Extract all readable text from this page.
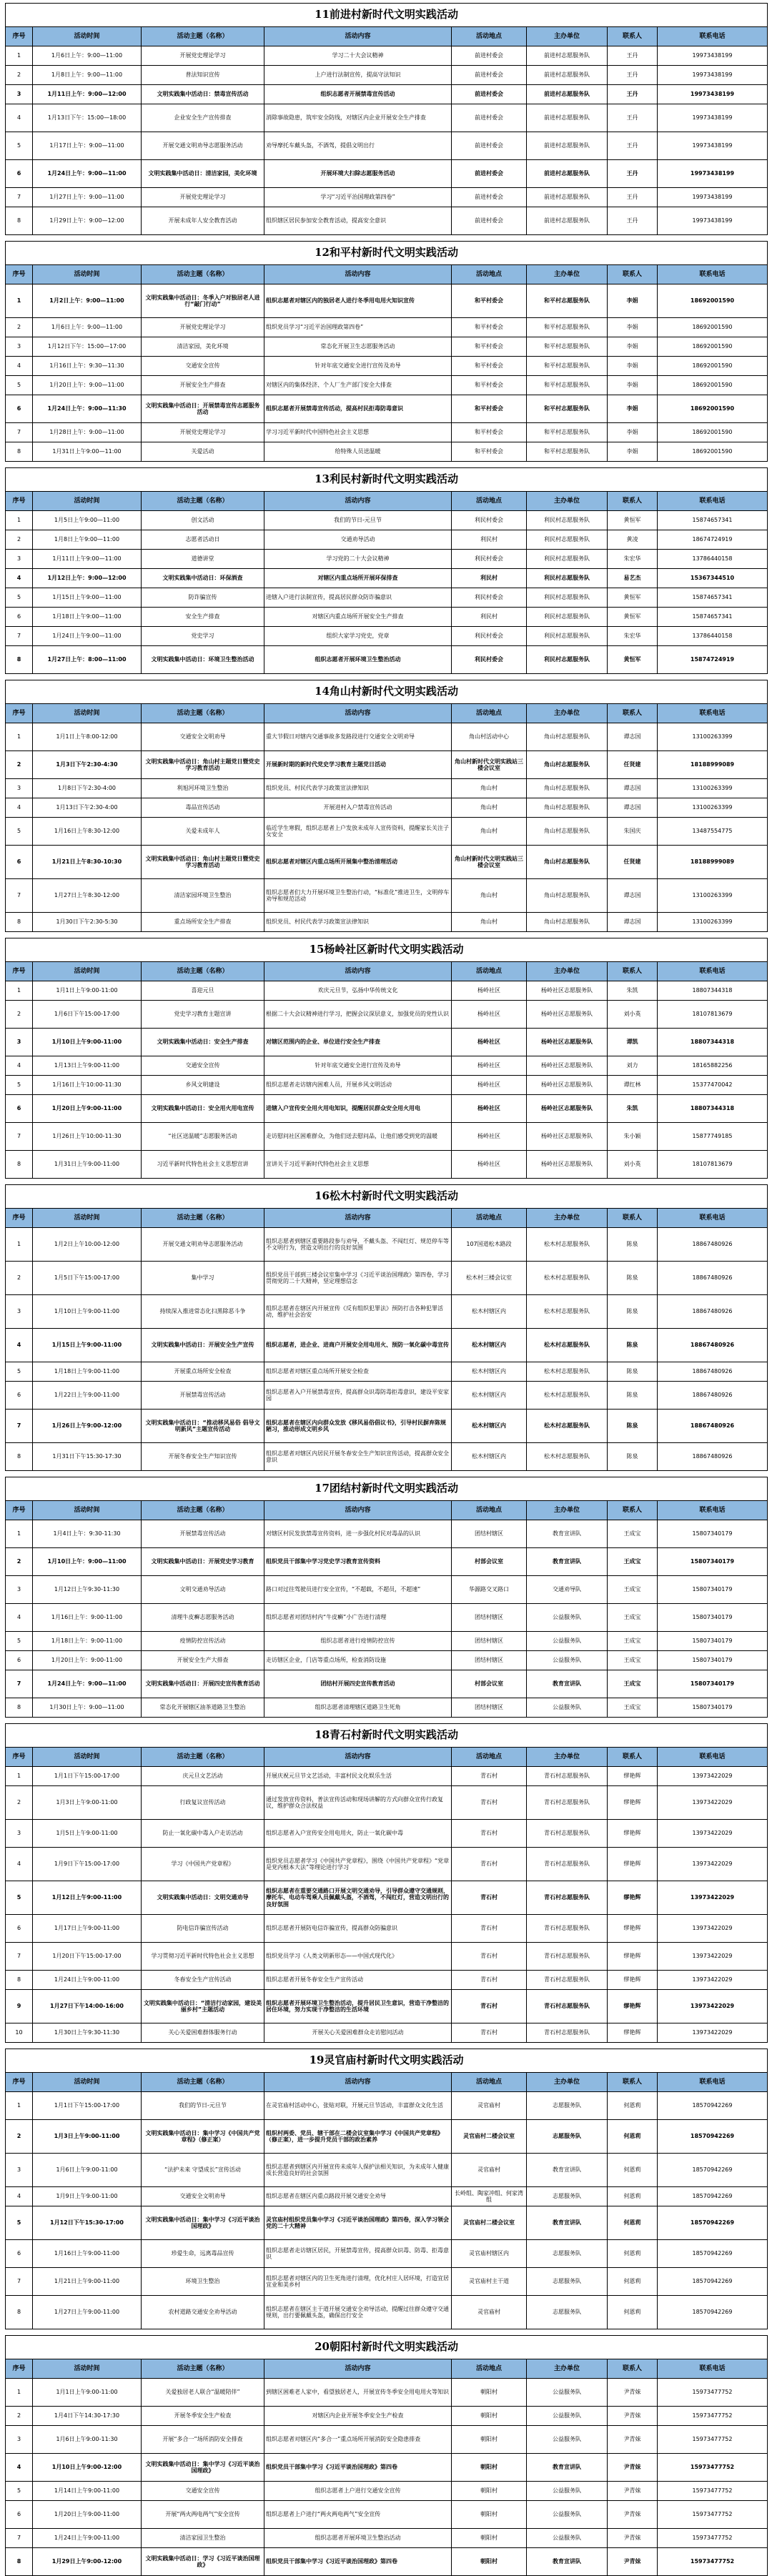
11前进村新时代文明实践活动							
序号	活动时间	活动主题（名称）	活动内容	活动地点	主办单位	联系人	联系电话
1	1月6日上午：9:00—11:00	开展党史理论学习	学习二十大会议精神	前进村委会	前进村志愿服务队	王丹	19973438199
2	1月8日上午：9:00—11:00	普法知识宣传	上户进行法制宣传，提高守法知识	前进村委会	前进村志愿服务队	王丹	19973438199
3	1月11日上午：9:00—12:00	文明实践集中活动日：禁毒宣传活动	组织志愿者开展禁毒宣传活动	前进村委会	前进村志愿服务队	王丹	19973438199
4	1月13日下午：15:00—18:00	企业安全生产宣传排查	消除事故隐患，筑牢安全防线，对辖区内企业开展安全生产排查	前进村委会	前进村志愿服务队	王丹	19973438199
5	1月17日上午：9:00—11:00	开展交通文明劝导志愿服务活动	劝导摩托车戴头盔，不酒驾，提倡文明出行	前进村委会	前进村志愿服务队	王丹	19973438199
6	1月24日上午：9:00—11:00	文明实践集中活动日：清洁家园，美化环境	开展环境大扫除志愿服务活动	前进村委会	前进村志愿服务队	王丹	19973438199
7	1月27日上午：9:00—11:00	开展党史理论学习	学习“习近平治国理政第四卷”	前进村委会	前进村志愿服务队	王丹	19973438199
8	1月29日上午：9:00—12:00	开展未成年人安全教育活动	组织辖区居民参加安全教育活动，提高安全意识	前进村委会	前进村志愿服务队	王丹	19973438199

12和平村新时代文明实践活动							
序号	活动时间	活动主题（名称）	活动内容	活动地点	主办单位	联系人	联系电话
1	1月2日上午：9:00—11:00	文明实践集中活动日：冬季入户对独居老人进行“敲门行动”	组织志愿者对辖区内的独居老人进行冬季用电用火知识宣传	和平村委会	和平村志愿服务队	李娟	18692001590
2	1月6日上午：9:00—11:00	开展党史理论学习	组织党员学习“习近平治国理政第四卷”	和平村委会	和平村志愿服务队	李娟	18692001590
3	1月12日下午：15:00—17:00	清洁家园，美化环境	常态化开展卫生志愿服务活动	和平村委会	和平村志愿服务队	李娟	18692001590
4	1月16日上午：9:30—11:30	交通安全宣传	针对年底交通安全进行宣传及劝导	和平村委会	和平村志愿服务队	李娟	18692001590
5	1月20日上午：9:00—11:00	开展安全生产排查	对辖区内的集体经济、个人厂生产部门安全大排查	和平村委会	和平村志愿服务队	李娟	18692001590
6	1月24日上午：9:00—11:30	文明实践集中活动日：开展禁毒宣传志愿服务活动	组织志愿者开展禁毒宣传活动，提高村民拒毒防毒意识	和平村委会	和平村志愿服务队	李娟	18692001590
7	1月28日上午：9:00—11:00	开展党史理论学习	学习习近平新时代中国特色社会主义思想	和平村委会	和平村志愿服务队	李娟	18692001590
8	1月31日上午9:00—11:00	关爱活动	给特殊人员送温暖	和平村委会	和平村志愿服务队	李娟	18692001590

13利民村新时代文明实践活动							
序号	活动时间	活动主题（名称）	活动内容	活动地点	主办单位	联系人	联系电话
1	1月5日上午9:00—11:00	创文活动	我们的节日-元旦节	利民村委会	利民村志愿服务队	黄恒军	15874657341
2	1月8日上午9:00—11:00	志愿者活动日	交通劝导活动	利民村	利民村志愿服务队	黄凌	18674724919
3	1月11日上午9:00—11:00	道德讲堂	学习党的二十大会议精神	利民村委会	利民村志愿服务队	朱宏华	13786440158
4	1月12日上午：9:00—12:00	文明实践集中活动日：环保酒查	对辖区内重点场所开展环保排查	利民村	利民村志愿服务队	易艺杰	15367344510
5	1月15日上午9:00—11:00	防诈骗宣传	进辖入户进行法制宣传，提高居民群众防诈骗意识	利民村委会	利民村志愿服务队	黄恒军	15874657341
6	1月18日上午9:00—11:00	安全生产排查	对辖区内重点场所开展安全生产排查	利民村	利民村志愿服务队	黄恒军	15874657341
7	1月24日上午9:00—11:00	党史学习	组织大家学习党史，党章	利民村委会	利民村志愿服务队	朱宏华	13786440158
8	1月27日上午：8:00—11:00	文明实践集中活动日：环境卫生整治活动	组织志愿者开展环境卫生整治活动	利民村委会	利民村志愿服务队	黄恒军	15874724919

14角山村新时代文明实践活动							
序号	活动时间	活动主题（名称）	活动内容	活动地点	主办单位	联系人	联系电话
1	1月1日上午8:00-12:00	交通安全文明劝导	重大节假日对辖内交通事故多发路段进行交通安全文明劝导	角山村活动中心	角山村志愿服务队	谭志国	13100263399
2	1月3日下午2:30-4:30	文明实践集中活动日：角山村主题党日暨党史学习教育活动	开展新时期的新时代党史学习教育主题党日活动	角山村新时代文明实践站三楼会议室	角山村志愿服务队	任贤建	18188999089
3	1月8日下午2:30-4:00	利旭河环境卫生整治	组织党员、村民代表学习政策宣法律知识	角山村	角山村志愿服务队	谭志国	13100263399
4	1月13日下午2:30-4:00	毒品宣传活动	开展进村入户禁毒宣传活动	角山村	角山村志愿服务队	谭志国	13100263399
5	1月16日上午8:30-12:00	关爱未成年人	临近学生寒假，组织志愿者上户发放未成年人宣传资料，提醒家长关注子女安全	角山村	角山村志愿服务队	朱国庆	13487554775
6	1月21日上午8:30-10:30	文明实践集中活动日：角山村主题党日暨党史学习教育活动	组织志愿者对辖区内重点场所开展集中整治清理活动	角山村新时代文明实践站三楼会议室	角山村志愿服务队	任贤建	18188999089
7	1月27日上午8:30-12:00	清洁家园环境卫生整治	组织志愿者们大力开展环境卫生整治行动，“标准化”推进卫生，文明停车劝导和规范活动	角山村	角山村志愿服务队	谭志国	13100263399
8	1月30日下午2:30-5:30	重点场所安全生产排查	组织党员、村民代表学习政策宣法律知识	角山村	角山村志愿服务队	谭志国	13100263399

15杨岭社区新时代文明实践活动							
序号	活动时间	活动主题（名称）	活动内容	活动地点	主办单位	联系人	联系电话
1	1月1日上午9:00-11:00	喜迎元旦	欢庆元旦节，弘扬中华传统文化	杨岭社区	杨岭社区志愿服务队	朱凯	18807344318
2	1月6日下午15:00-17:00	党史学习教育主题宣讲	根据二十大会议精神进行学习，把握会议深层意义，加强党员的党性认识	杨岭社区	杨岭社区志愿服务队	刘小英	18107813679
3	1月10日上午9:00-11:00	文明实践集中活动日：安全生产排查	对辖区范围内的企业、单位进行安全生产排查	杨岭社区	杨岭社区志愿服务队	谭凯	18807344318
4	1月13日上午9:00-11:00	交通安全宣传	针对年底交通安全进行宣传及劝导	杨岭社区	杨岭社区志愿服务队	刘力	18165882256
5	1月16日上午10:00-11:30	乡风文明建设	组织志愿者走访辖内困难人员，开展乡风文明活动	杨岭社区	杨岭社区志愿服务队	谭红林	15377470042
6	1月20日上午9:00-11:00	文明实践集中活动日：安全用火用电宣传	进辖入户宣传安全用火用电知识，提醒居民群众安全用火用电	杨岭社区	杨岭社区志愿服务队	朱凯	18807344318
7	1月26日上午10:00-11:30	“社区送温暖”志愿服务活动	走访慰问社区困难群众，为他们送去慰问品，让他们感受到党的温暖	杨岭社区	杨岭社区志愿服务队	朱小颖	15877749185
8	1月31日上午9:00-11:00	习近平新时代特色社会主义思想宣讲	宣讲关于习近平新时代特色社会主义思想	杨岭社区	杨岭社区志愿服务队	刘小英	18107813679

16松木村新时代文明实践活动							
序号	活动时间	活动主题（名称）	活动内容	活动地点	主办单位	联系人	联系电话
1	1月2日上午10:00-12:00	开展交通文明劝导志愿服务活动	组织志愿者到辖区重要路段参与劝导，不戴头盔、不闯红灯、规范停车等不文明行为，营造文明出行的良好氛围	107国道松木路段	松木村志愿服务队	陈泉	18867480926
2	1月5日下午15:00-17:00	集中学习	组织党员干部到三楼会议室集中学习《习近平谈治国理政》第四卷，学习贯彻党的二十大精神，坚定理想信念	松木村三楼会议室	松木村志愿服务队	陈泉	18867480926
3	1月10日上午9:00-11:00	持续深入推进常态化扫黑除恶斗争	组织志愿者在辖区内开展宣传《反有组织犯罪法》预防打击各种犯罪活动，维护社会治安	松木村辖区内	松木村志愿服务队	陈泉	18867480926
4	1月15日上午9:00-11:00	文明实践集中活动日：开展安全生产宣传	组织志愿者，进企业、进商户开展安全用电用火、预防一氧化碳中毒宣传	松木村辖区内	松木村志愿服务队	陈泉	18867480926
5	1月18日上午9:00-11:00	开展重点场所安全检查	组织志愿者对辖区重点场所开展安全检查	松木村辖区内	松木村志愿服务队	陈泉	18867480926
6	1月22日上午9:00-11:00	开展禁毒宣传活动	组织志愿者入户开展禁毒宣传，提高群众识毒防毒拒毒意识，建设平安家园	松木村辖区内	松木村志愿服务队	陈泉	18867480926
7	1月26日上午9:00-12:00	文明实践集中活动日：“推动移风易俗 倡导文明新风”主题宣传活动	组织志愿者在辖区内向群众发放《移风易俗倡议书》，引导村民摒弃陈规陋习，推动形成文明乡风	松木村辖区内	松木村志愿服务队	陈泉	18867480926
8	1月31日下午15:30-17:30	开展冬春安全生产知识宣传	组织志愿者对辖区内居民开展冬春安全生产知识宣传活动，提高群众安全意识	松木村辖区内	松木村志愿服务队	陈泉	18867480926

17团结村新时代文明实践活动							
序号	活动时间	活动主题（名称）	活动内容	活动地点	主办单位	联系人	联系电话
1	1月4日上午：9:30-11:30	开展禁毒宣传活动	对辖区村民发放禁毒宣传资料，进一步强化村民对毒品的认识	团结村辖区	教育宣讲队	王成宝	15807340179
2	1月10日上午：9:00—11:00	文明实践集中活动日：开展党史学习教育	组织党员干部集中学习党史学习教育宣传资料	村部会议室	教育宣讲队	王成宝	15807340179
3	1月12日上午9:30-11:30	文明交通劝导活动	路口对过往驾驶员进行安全宣传，“不超载，不超员，不超速”	华源路交叉路口	交通劝导队	王成宝	15807340179
4	1月16日上午：9:00-11:00	清理牛皮癣志愿服务活动	组织志愿者对团结村内“牛皮癣”小广告进行清理	团结村辖区	公益服务队	王成宝	15807340179
5	1月18日上午：9:00-11:00	疫情防控宣传活动	组织志愿者进行疫情防控宣传	团结村辖区	公益服务队	王成宝	15807340179
6	1月20日上午：9:00-11:00	开展安全生产大排查	走访辖区企业，门店等重点场所，检查消防设施	团结村辖区	公益服务队	王成宝	15807340179
7	1月24日上午：9:00—11:00	文明实践集中活动日：开展四史宣传教育活动	团结村开展四史宣传教育活动	村部会议室	教育宣讲队	王成宝	15807340179
8	1月30日上午：9:00—11:00	常态化开展辖区油茶道路卫生整治	组织志愿者清理辖区道路卫生死角	团结村辖区	公益服务队	王成宝	15807340179

18青石村新时代文明实践活动							
序号	活动时间	活动主题（名称）	活动内容	活动地点	主办单位	联系人	联系电话
1	1月1日下午15:00-17:00	庆元旦文艺活动	开展庆祝元旦节文艺活动，丰富村民文化娱乐生活	青石村	青石村志愿服务队	缪艳辉	13973422029
2	1月3日上午9:00-11:00	行政复议宣传活动	通过发放宣传资料，普法宣传活动和现场讲解的方式向群众宣传行政复议，维护群众合法权益	青石村	青石村志愿服务队	缪艳辉	13973422029
3	1月5日上午9:00-11:00	防止一氧化碳中毒入户走访活动	组织志愿者入户宣传安全用电用火，防止一氧化碳中毒	青石村	青石村志愿服务队	缪艳辉	13973422029
4	1月9日下午15:00-17:00	学习《中国共产党章程》	组织党员志愿者学习《中国共产党章程》，围绕《中国共产党章程》“党章是党内根本大法”等理论进行学习	青石村	青石村志愿服务队	缪艳辉	13973422029
5	1月12日上午9:00-11:00	文明实践集中活动日：文明交通劝导	组织志愿者在重要交通路口开展文明交通劝导，引导群众遵守交通规则，摩托车、电动车驾乘人员佩戴头盔，不酒驾，不闯红灯，营造文明出行的良好氛围	青石村	青石村志愿服务队	缪艳辉	13973422029
6	1月17日上午9:00-11:00	防电信诈骗宣传活动	组织志愿者开展防电信诈骗宣传，提高群众防骗意识	青石村	青石村志愿服务队	缪艳辉	13973422029
7	1月20日下午15:00-17:00	学习贯彻习近平新时代特色社会主义思想	组织党员学习《人类文明新形态——中国式现代化》	青石村	青石村志愿服务队	缪艳辉	13973422029
8	1月24日上午9:00-11:00	冬春安全生产宣传活动	组织志愿者开展冬春安全生产宣传活动	青石村	青石村志愿服务队	缪艳辉	13973422029
9	1月27日下午14:00-16:00	文明实践集中活动日：“清洁行动家园，建设美丽乡村”主题活动	组织志愿者开展环境卫生整治活动，提升居民卫生意识，营造干净整洁的居住环境，努力实现干净整洁的生活环境	青石村	青石村志愿服务队	缪艳辉	13973422029
10	1月30日上午9:30-11:30	关心关爱困难群体服务行动	开展关心关爱困难群众走访慰问活动	青石村	青石村志愿服务队	缪艳辉	13973422029

19灵官庙村新时代文明实践活动							
序号	活动时间	活动主题（名称）	活动内容	活动地点	主办单位	联系人	联系电话
1	1月1日下午15:00-17:00	我们的节日-元旦节	在灵官庙村活动中心，张贴对联，开展元旦节活动，丰富群众文化生活	灵官庙村	志愿服务队	何恩莉	18570942269
2	1月3日上午9:00-11:00	文明实践集中活动日：集中学习《中国共产党章程》（修正案）	组织村两委、党员、辖干部在二楼会议室集中学习《中国共产党章程》（修正案），进一步提升党员干部的政治素养	灵官庙村二楼会议室	志愿服务队	何恩莉	18570942269
3	1月6日上午9:00-11:00	“法护未来 守望成长”宣传活动	组织志愿者到辖区内开展宣传未成年人保护法相关知识，为未成年人健康成长营造良好的社会氛围	灵官庙村	教育宣讲队	何恩莉	18570942269
4	1月9日上午9:00-11:00	交通安全文明劝导	组织志愿者在辖区内重点路段开展交通安全劝导	长岭组、陶家冲组、何家湾组	志愿服务队	何恩莉	18570942269
5	1月12日下午15:30-17:00	文明实践集中活动日：集中学习《习近平谈治国理政》	灵官庙村组织党员集中学习《习近平谈治国理政》第四卷，深入学习领会党的二十大精神	灵官庙村二楼会议室	教育宣讲队	何恩莉	18570942269
6	1月16日上午9:00-11:00	珍爱生命，远离毒品宣传	组织志愿者走访辖区居民，开展禁毒宣传，提高群众识毒、防毒、拒毒意识	灵官庙村辖区内	志愿服务队	何恩莉	18570942269
7	1月21日上午9:00-11:00	环境卫生整治	组织志愿者对辖区内的卫生死角进行清理，优化村庄人居环境，打造宜居宜业和美乡村	灵官庙村主干道	志愿服务队	何恩莉	18570942269
8	1月27日上午9:00-11:00	农村道路交通安全劝导活动	组织志愿者在辖区主干道开展交通安全劝导活动，提醒过往群众遵守交通规则，出行要佩戴头盔，确保出行安全	灵官庙村	志愿服务队	何恩莉	18570942269

20朝阳村新时代文明实践活动							
序号	活动时间	活动主题（名称）	活动内容	活动地点	主办单位	联系人	联系电话
1	1月1日上午9:00-11:00	关爱独居老人联合“温暖陪伴”	到辖区困难老人家中，看望独居老人，开展宣传冬季安全用电用火等知识	朝阳村	公益服务队	尹青妹	15973477752
2	1月4日下午14:30-17:30	开展冬季安全生产检查	对辖区内企业开展冬季安全生产检查	朝阳村	公益服务队	尹青妹	15973477752
3	1月6日上午9:00-11:30	开展“多合一”场所消防安全排查	组织志愿者对辖区内“多合一”重点场所开展消防安全隐患排查	朝阳村	公益服务队	尹青妹	15973477752
4	1月10日上午9:00-12:00	文明实践集中活动日：集中学习《习近平谈治国理政》	组织党员干部集中学习《习近平谈治国理政》第四卷	朝阳村	教育宣讲队	尹青妹	15973477752
5	1月14日上午9:00-11:00	交通安全宣传	组织志愿者上户进行交通安全宣传	朝阳村	公益服务队	尹青妹	15973477752
6	1月20日上午9:00-11:00	开展“两火两电两气”安全宣传	组织志愿者上户进行“两火两电两气”安全宣传	朝阳村	公益服务队	尹青妹	15973477752
7	1月24日上午9:00-11:00	清洁家园卫生整治	组织志愿者开展环境卫生整治活动	朝阳村	公益服务队	尹青妹	15973477752
8	1月29日上午9:00-12:00	文明实践集中活动日：学习《习近平谈治国理政》	组织党员干部集中学习《习近平谈治国理政》第四卷	朝阳村	教育宣讲队	尹青妹	15973477752
